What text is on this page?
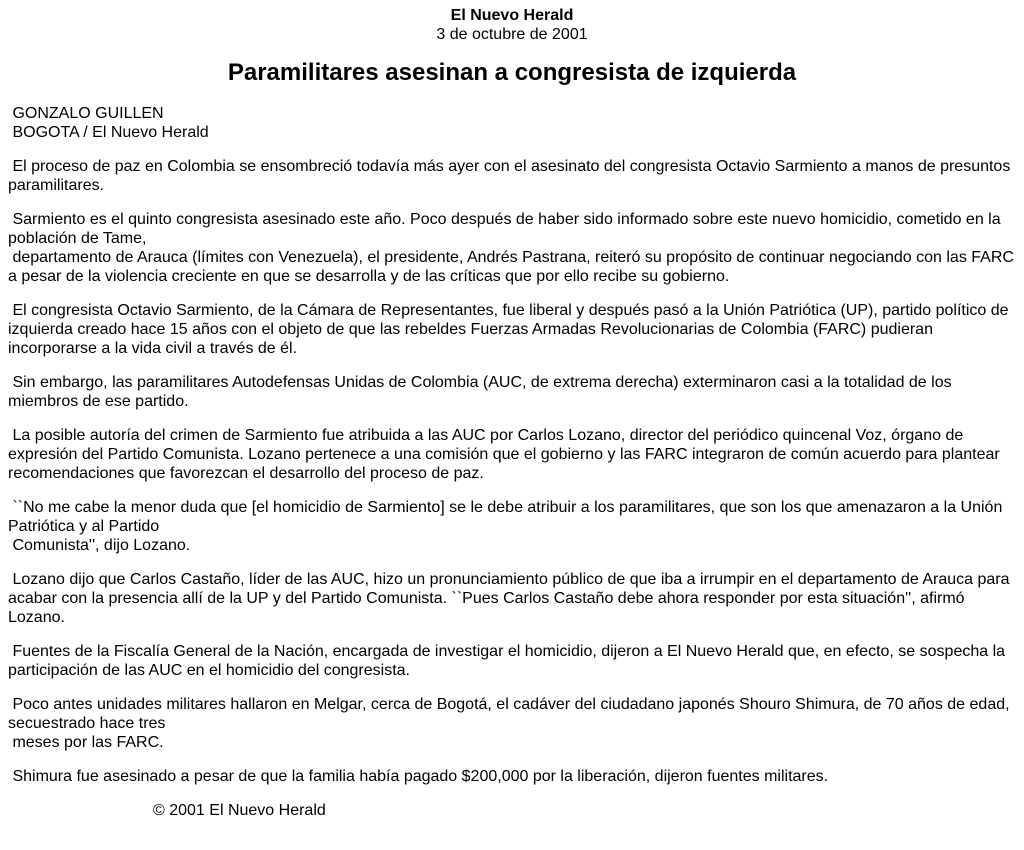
El Nuevo Herald
3 de octubre de 2001
Paramilitares asesinan a congresista de izquierda

GONZALO GUILLEN
BOGOTA / El Nuevo Herald

El proceso de paz en Colombia se ensombreció todavía más ayer con el asesinato del congresista Octavio Sarmiento a manos de presuntos paramilitares.

Sarmiento es el quinto congresista asesinado este año. Poco después de haber sido informado sobre este nuevo homicidio, cometido en la población de Tame,
departamento de Arauca (límites con Venezuela), el presidente, Andrés Pastrana, reiteró su propósito de continuar negociando con las FARC a pesar de la violencia creciente en que se desarrolla y de las críticas que por ello recibe su gobierno.

El congresista Octavio Sarmiento, de la Cámara de Representantes, fue liberal y después pasó a la Unión Patriótica (UP), partido político de izquierda creado hace 15 años con el objeto de que las rebeldes Fuerzas Armadas Revolucionarias de Colombia (FARC) pudieran incorporarse a la vida civil a través de él.

Sin embargo, las paramilitares Autodefensas Unidas de Colombia (AUC, de extrema derecha) exterminaron casi a la totalidad de los miembros de ese partido.

La posible autoría del crimen de Sarmiento fue atribuida a las AUC por Carlos Lozano, director del periódico quincenal Voz, órgano de expresión del Partido Comunista. Lozano pertenece a una comisión que el gobierno y las FARC integraron de común acuerdo para plantear recomendaciones que favorezcan el desarrollo del proceso de paz.

``No me cabe la menor duda que [el homicidio de Sarmiento] se le debe atribuir a los paramilitares, que son los que amenazaron a la Unión Patriótica y al Partido
Comunista'', dijo Lozano.

Lozano dijo que Carlos Castaño, líder de las AUC, hizo un pronunciamiento público de que iba a irrumpir en el departamento de Arauca para acabar con la presencia allí de la UP y del Partido Comunista. ``Pues Carlos Castaño debe ahora responder por esta situación'', afirmó Lozano.

Fuentes de la Fiscalía General de la Nación, encargada de investigar el homicidio, dijeron a El Nuevo Herald que, en efecto, se sospecha la participación de las AUC en el homicidio del congresista.

Poco antes unidades militares hallaron en Melgar, cerca de Bogotá, el cadáver del ciudadano japonés Shouro Shimura, de 70 años de edad, secuestrado hace tres
meses por las FARC.

Shimura fue asesinado a pesar de que la familia había pagado $200,000 por la liberación, dijeron fuentes militares.

© 2001 El Nuevo Herald
